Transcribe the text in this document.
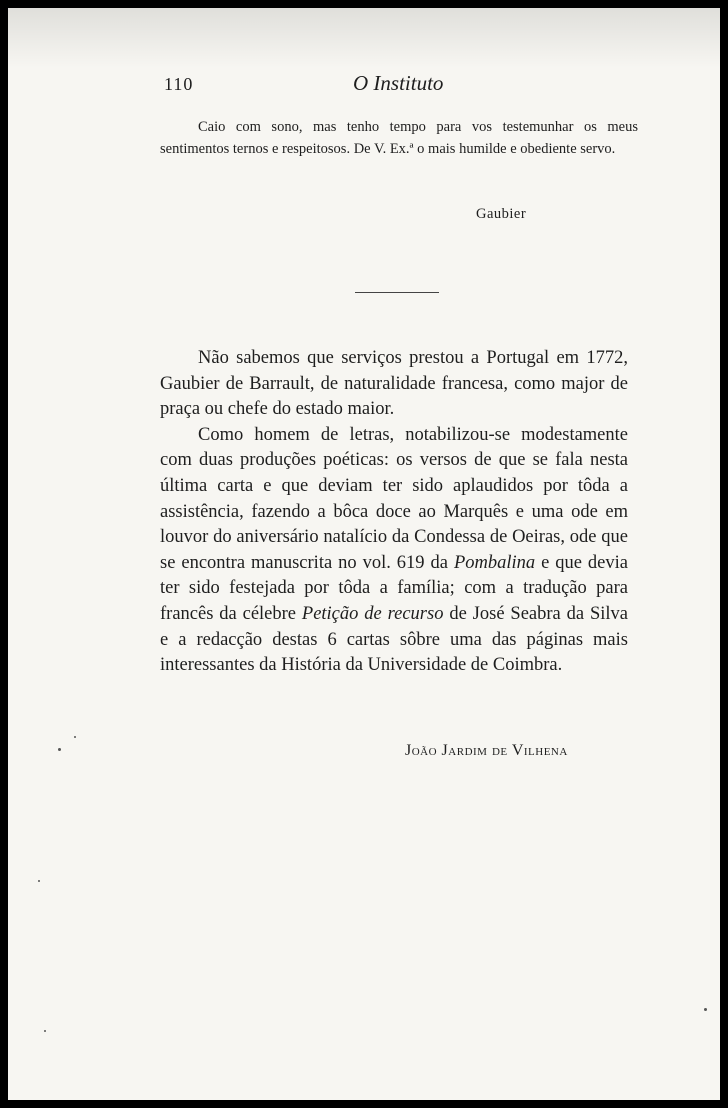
110	O Instituto

Caio com sono, mas tenho tempo para vos testemunhar os meus sentimentos ternos e respeitosos. De V. Ex.ª o mais humilde e obediente servo.

Gaubier

Não sabemos que serviços prestou a Portugal em 1772, Gaubier de Barrault, de naturalidade francesa, como major de praça ou chefe do estado maior.

Como homem de letras, notabilizou-se modestamente com duas produções poéticas: os versos de que se fala nesta última carta e que deviam ter sido aplaudidos por tôda a assistência, fazendo a bôca doce ao Marquês e uma ode em louvor do aniversário natalício da Condessa de Oeiras, ode que se encontra manuscrita no vol. 619 da Pombalina e que devia ter sido festejada por tôda a família; com a tradução para francês da célebre Petição de recurso de José Seabra da Silva e a redacção destas 6 cartas sôbre uma das páginas mais interessantes da História da Universidade de Coimbra.

João Jardim de Vilhena
